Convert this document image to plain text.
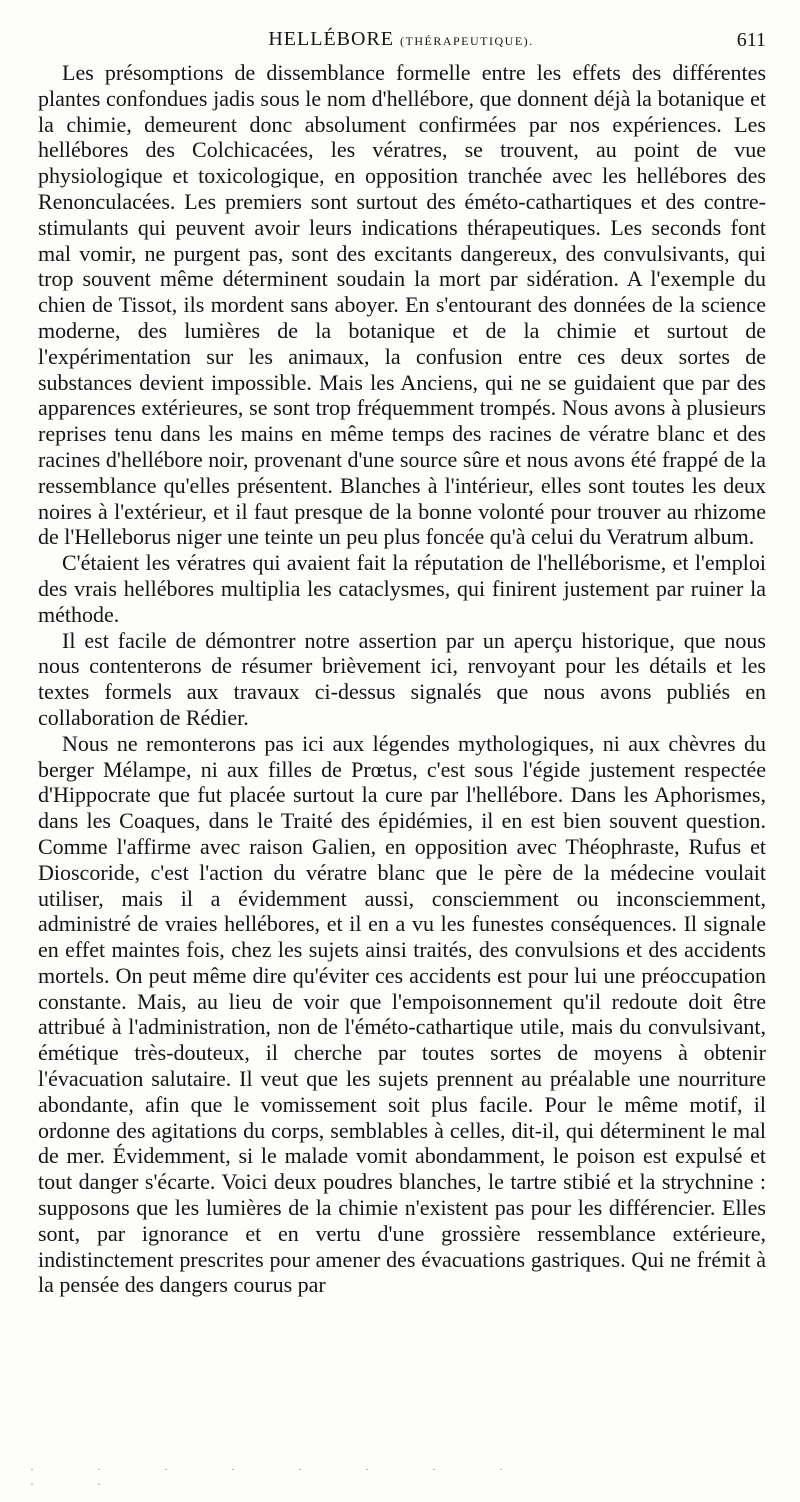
HELLÉBORE (THÉRAPEUTIQUE).	611

Les présomptions de dissemblance formelle entre les effets des différentes plantes confondues jadis sous le nom d'hellébore, que donnent déjà la botanique et la chimie, demeurent donc absolument confirmées par nos expériences. Les hellébores des Colchicacées, les vératres, se trouvent, au point de vue physiologique et toxicologique, en opposition tranchée avec les hellébores des Renonculacées. Les premiers sont surtout des éméto-cathartiques et des contre-stimulants qui peuvent avoir leurs indications thérapeutiques. Les seconds font mal vomir, ne purgent pas, sont des excitants dangereux, des convulsivants, qui trop souvent même déterminent soudain la mort par sidération. A l'exemple du chien de Tissot, ils mordent sans aboyer. En s'entourant des données de la science moderne, des lumières de la botanique et de la chimie et surtout de l'expérimentation sur les animaux, la confusion entre ces deux sortes de substances devient impossible. Mais les Anciens, qui ne se guidaient que par des apparences extérieures, se sont trop fréquemment trompés. Nous avons à plusieurs reprises tenu dans les mains en même temps des racines de vératre blanc et des racines d'hellébore noir, provenant d'une source sûre et nous avons été frappé de la ressemblance qu'elles présentent. Blanches à l'intérieur, elles sont toutes les deux noires à l'extérieur, et il faut presque de la bonne volonté pour trouver au rhizome de l'Helleborus niger une teinte un peu plus foncée qu'à celui du Veratrum album.

C'étaient les vératres qui avaient fait la réputation de l'helléborisme, et l'emploi des vrais hellébores multiplia les cataclysmes, qui finirent justement par ruiner la méthode.

Il est facile de démontrer notre assertion par un aperçu historique, que nous nous contenterons de résumer brièvement ici, renvoyant pour les détails et les textes formels aux travaux ci-dessus signalés que nous avons publiés en collaboration de Rédier.

Nous ne remonterons pas ici aux légendes mythologiques, ni aux chèvres du berger Mélampe, ni aux filles de Prœtus, c'est sous l'égide justement respectée d'Hippocrate que fut placée surtout la cure par l'hellébore. Dans les Aphorismes, dans les Coaques, dans le Traité des épidémies, il en est bien souvent question. Comme l'affirme avec raison Galien, en opposition avec Théophraste, Rufus et Dioscoride, c'est l'action du vératre blanc que le père de la médecine voulait utiliser, mais il a évidemment aussi, consciemment ou inconsciemment, administré de vraies hellébores, et il en a vu les funestes conséquences. Il signale en effet maintes fois, chez les sujets ainsi traités, des convulsions et des accidents mortels. On peut même dire qu'éviter ces accidents est pour lui une préoccupation constante. Mais, au lieu de voir que l'empoisonnement qu'il redoute doit être attribué à l'administration, non de l'éméto-cathartique utile, mais du convulsivant, émétique très-douteux, il cherche par toutes sortes de moyens à obtenir l'évacuation salutaire. Il veut que les sujets prennent au préalable une nourriture abondante, afin que le vomissement soit plus facile. Pour le même motif, il ordonne des agitations du corps, semblables à celles, dit-il, qui déterminent le mal de mer. Évidemment, si le malade vomit abondamment, le poison est expulsé et tout danger s'écarte. Voici deux poudres blanches, le tartre stibié et la strychnine : supposons que les lumières de la chimie n'existent pas pour les différencier. Elles sont, par ignorance et en vertu d'une grossière ressemblance extérieure, indistinctement prescrites pour amener des évacuations gastriques. Qui ne frémit à la pensée des dangers courus par

· · · · · · · · · ·
